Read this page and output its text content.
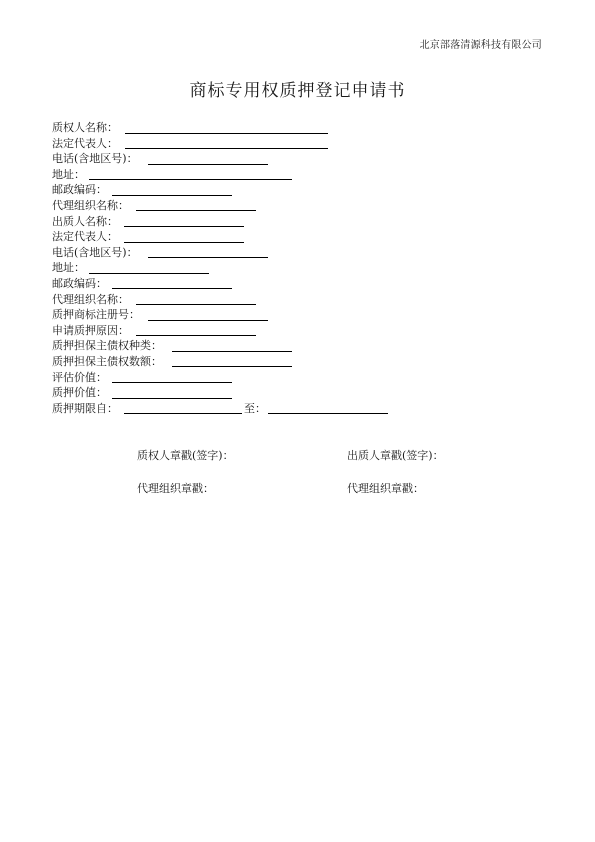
北京部落清源科技有限公司
商标专用权质押登记申请书
质权人名称：
法定代表人：
电话(含地区号)：
地址：
邮政编码：
代理组织名称：
出质人名称：
法定代表人：
电话(含地区号)：
地址：
邮政编码：
代理组织名称：
质押商标注册号：
申请质押原因：
质押担保主债权种类：
质押担保主债权数额：
评估价值：
质押价值：
质押期限自：	至：
质权人章戳(签字)：	出质人章戳(签字)：
代理组织章戳：	代理组织章戳：
